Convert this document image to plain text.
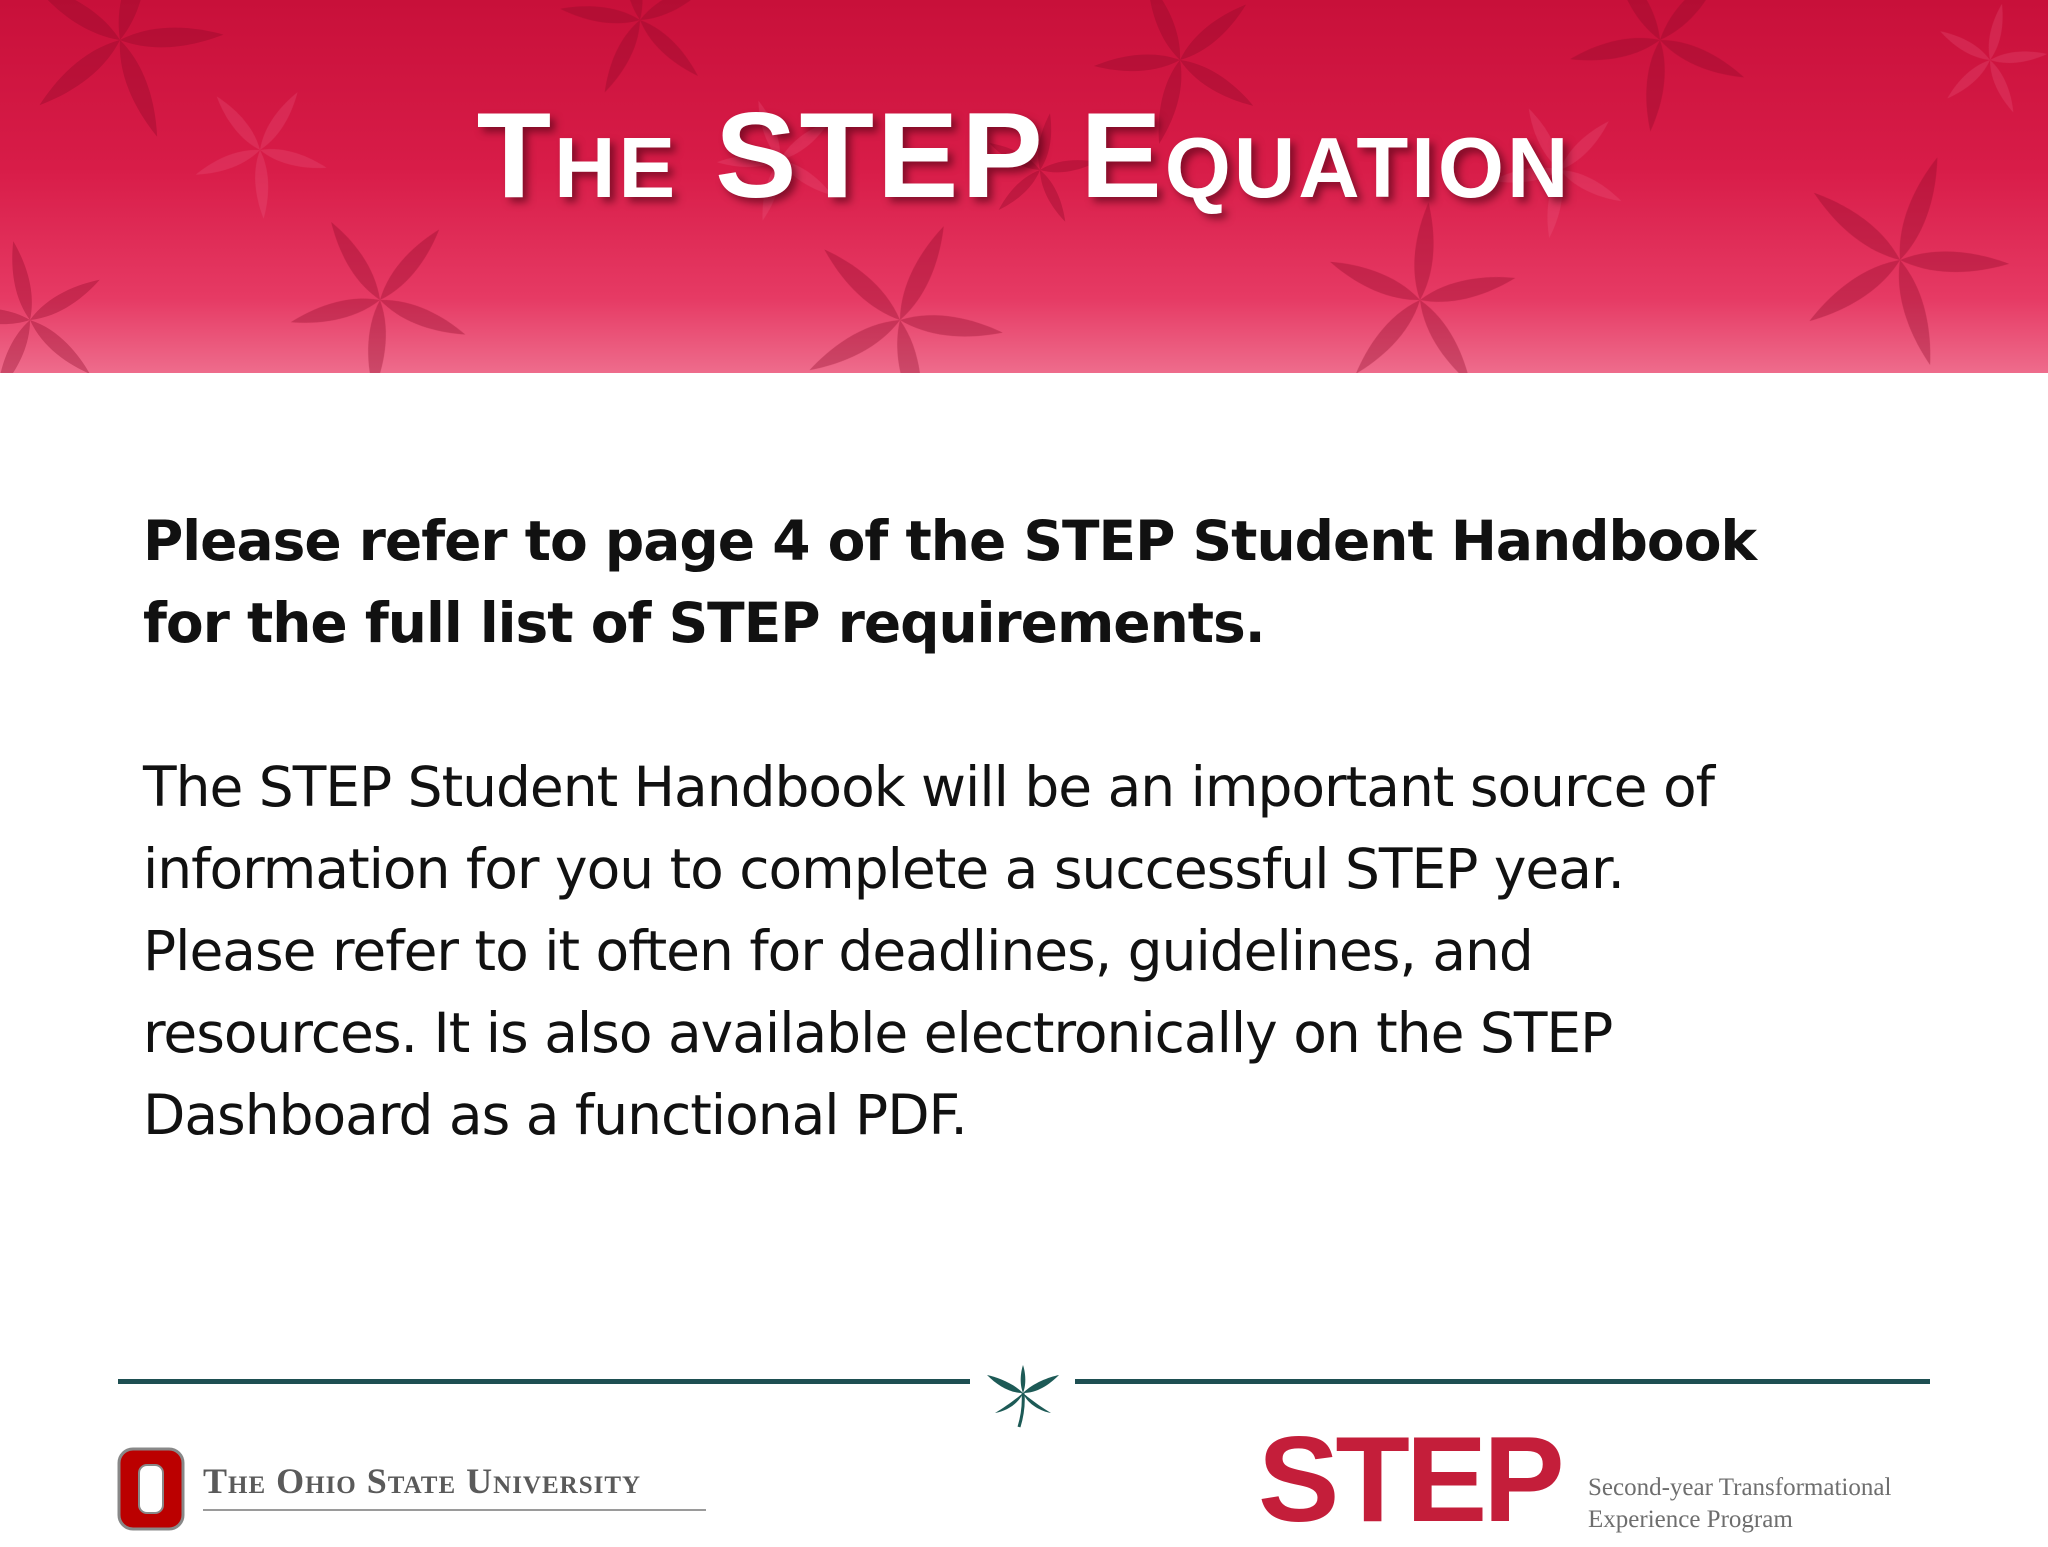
The STEP Equation

Please refer to page 4 of the STEP Student Handbook for the full list of STEP requirements.

The STEP Student Handbook will be an important source of

information for you to complete a successful STEP year.

Please refer to it often for deadlines, guidelines, and

resources. It is also available electronically on the STEP

Dashboard as a functional PDF.

The Ohio State University	STEP Second-year Transformational
Experience Program
